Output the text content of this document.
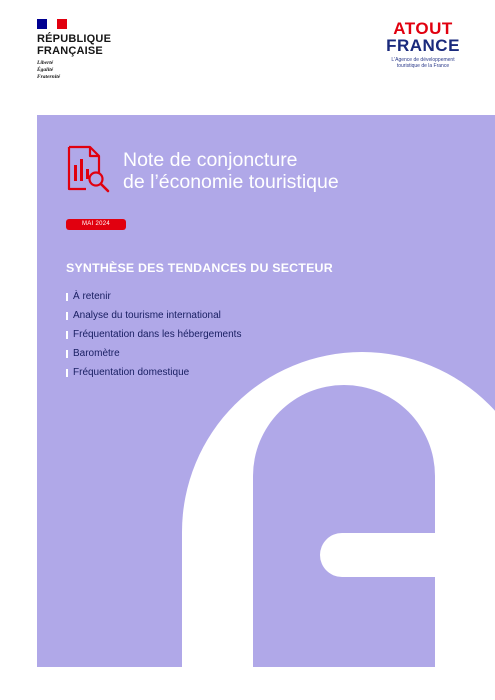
RÉPUBLIQUE
FRANÇAISE
Liberté
Égalité
Fraternité
ATOUT
FRANCE
L'Agence de développement
touristique de la France
Note de conjoncture
de l’économie touristique
MAI 2024
SYNTHÈSE DES TENDANCES DU SECTEUR
À retenir
Analyse du tourisme international
Fréquentation dans les hébergements
Baromètre
Fréquentation domestique
